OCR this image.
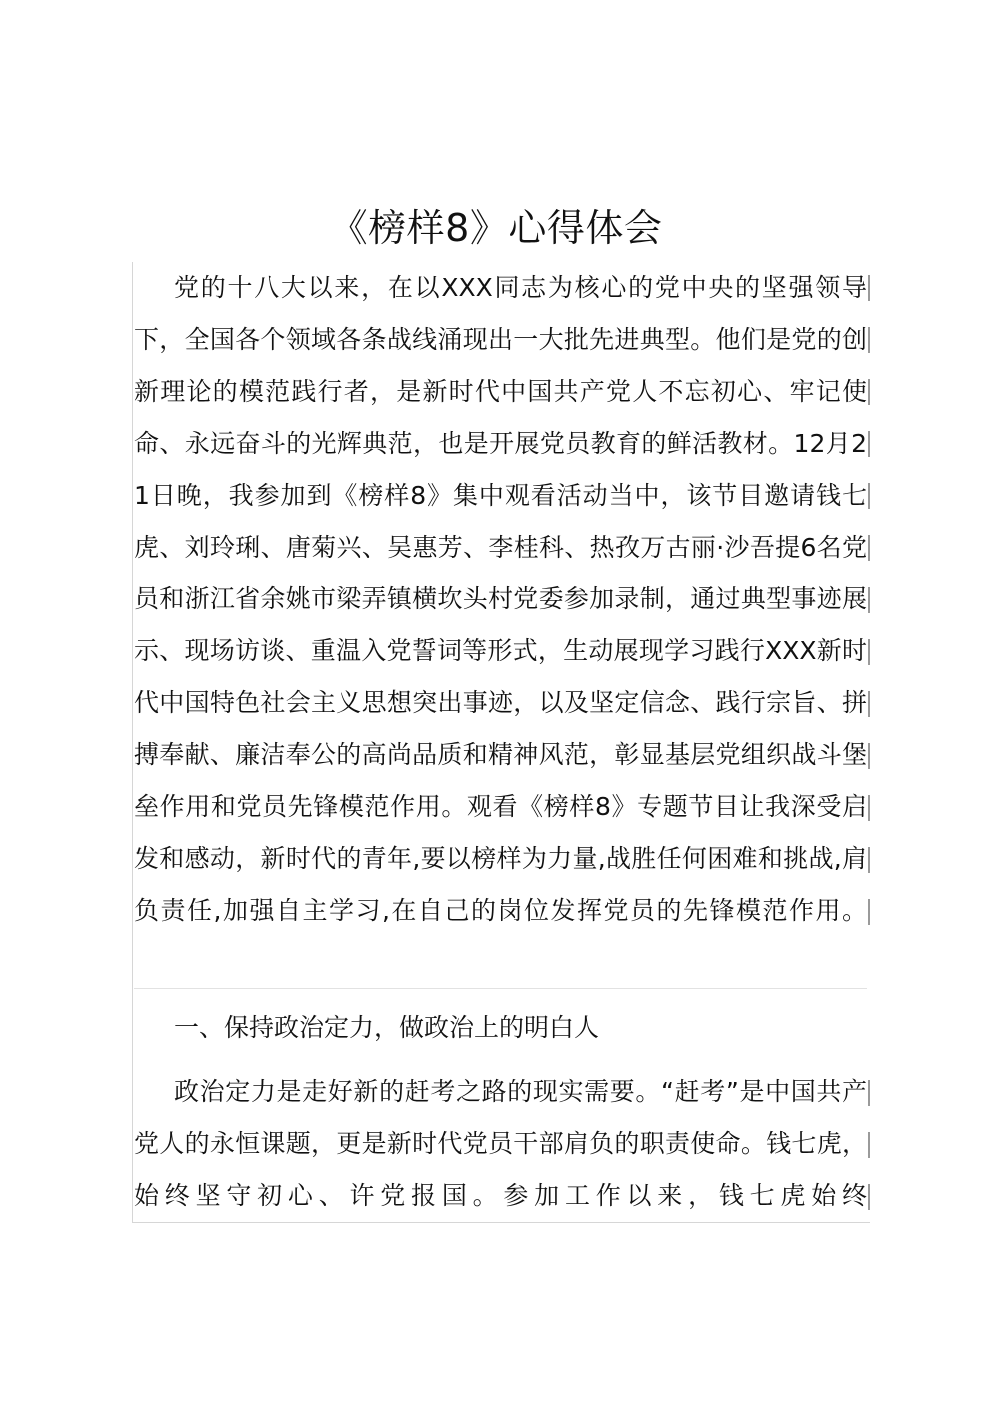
《榜样8》心得体会

党的十八大以来，在以XXX同志为核心的党中央的坚强领导下，全国各个领域各条战线涌现出一大批先进典型。他们是党的创新理论的模范践行者，是新时代中国共产党人不忘初心、牢记使命、永远奋斗的光辉典范，也是开展党员教育的鲜活教材。12月21日晚，我参加到《榜样8》集中观看活动当中，该节目邀请钱七虎、刘玲琍、唐菊兴、吴惠芳、李桂科、热孜万古丽·沙吾提6名党员和浙江省余姚市梁弄镇横坎头村党委参加录制，通过典型事迹展示、现场访谈、重温入党誓词等形式，生动展现学习践行XXX新时代中国特色社会主义思想突出事迹，以及坚定信念、践行宗旨、拼搏奉献、廉洁奉公的高尚品质和精神风范，彰显基层党组织战斗堡垒作用和党员先锋模范作用。观看《榜样8》专题节目让我深受启发和感动，新时代的青年,要以榜样为力量,战胜任何困难和挑战,肩负责任,加强自主学习,在自己的岗位发挥党员的先锋模范作用。

一、保持政治定力，做政治上的明白人

政治定力是走好新的赶考之路的现实需要。“赶考”是中国共产党人的永恒课题，更是新时代党员干部肩负的职责使命。钱七虎，始终坚守初心、许党报国。参加工作以来，钱七虎始终
